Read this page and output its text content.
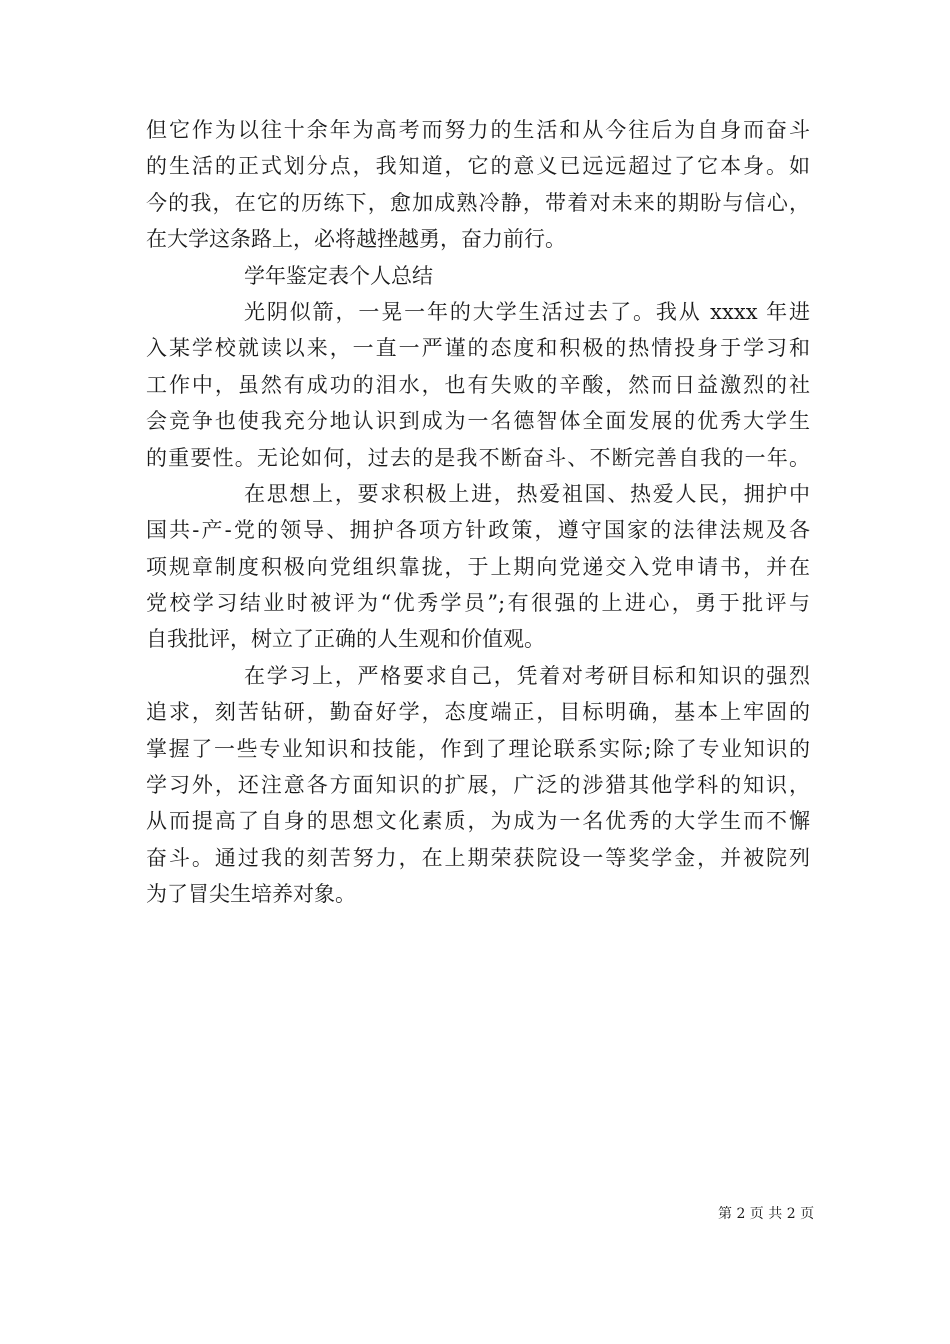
但它作为以往十余年为高考而努力的生活和从今往后为自身而奋斗
的生活的正式划分点，我知道，它的意义已远远超过了它本身。如
今的我，在它的历练下，愈加成熟冷静，带着对未来的期盼与信心，
在大学这条路上，必将越挫越勇，奋力前行。
学年鉴定表个人总结
光阴似箭，一晃一年的大学生活过去了。我从 xxxx 年进
入某学校就读以来，一直一严谨的态度和积极的热情投身于学习和
工作中，虽然有成功的泪水，也有失败的辛酸，然而日益激烈的社
会竞争也使我充分地认识到成为一名德智体全面发展的优秀大学生
的重要性。无论如何，过去的是我不断奋斗、不断完善自我的一年。
在思想上，要求积极上进，热爱祖国、热爱人民，拥护中
国共-产-党的领导、拥护各项方针政策，遵守国家的法律法规及各
项规章制度积极向党组织靠拢，于上期向党递交入党申请书，并在
党校学习结业时被评为“优秀学员”;有很强的上进心，勇于批评与
自我批评，树立了正确的人生观和价值观。
在学习上，严格要求自己，凭着对考研目标和知识的强烈
追求，刻苦钻研，勤奋好学，态度端正，目标明确，基本上牢固的
掌握了一些专业知识和技能，作到了理论联系实际;除了专业知识的
学习外，还注意各方面知识的扩展，广泛的涉猎其他学科的知识，
从而提高了自身的思想文化素质，为成为一名优秀的大学生而不懈
奋斗。通过我的刻苦努力，在上期荣获院设一等奖学金，并被院列
为了冒尖生培养对象。
第 2 页 共 2 页
